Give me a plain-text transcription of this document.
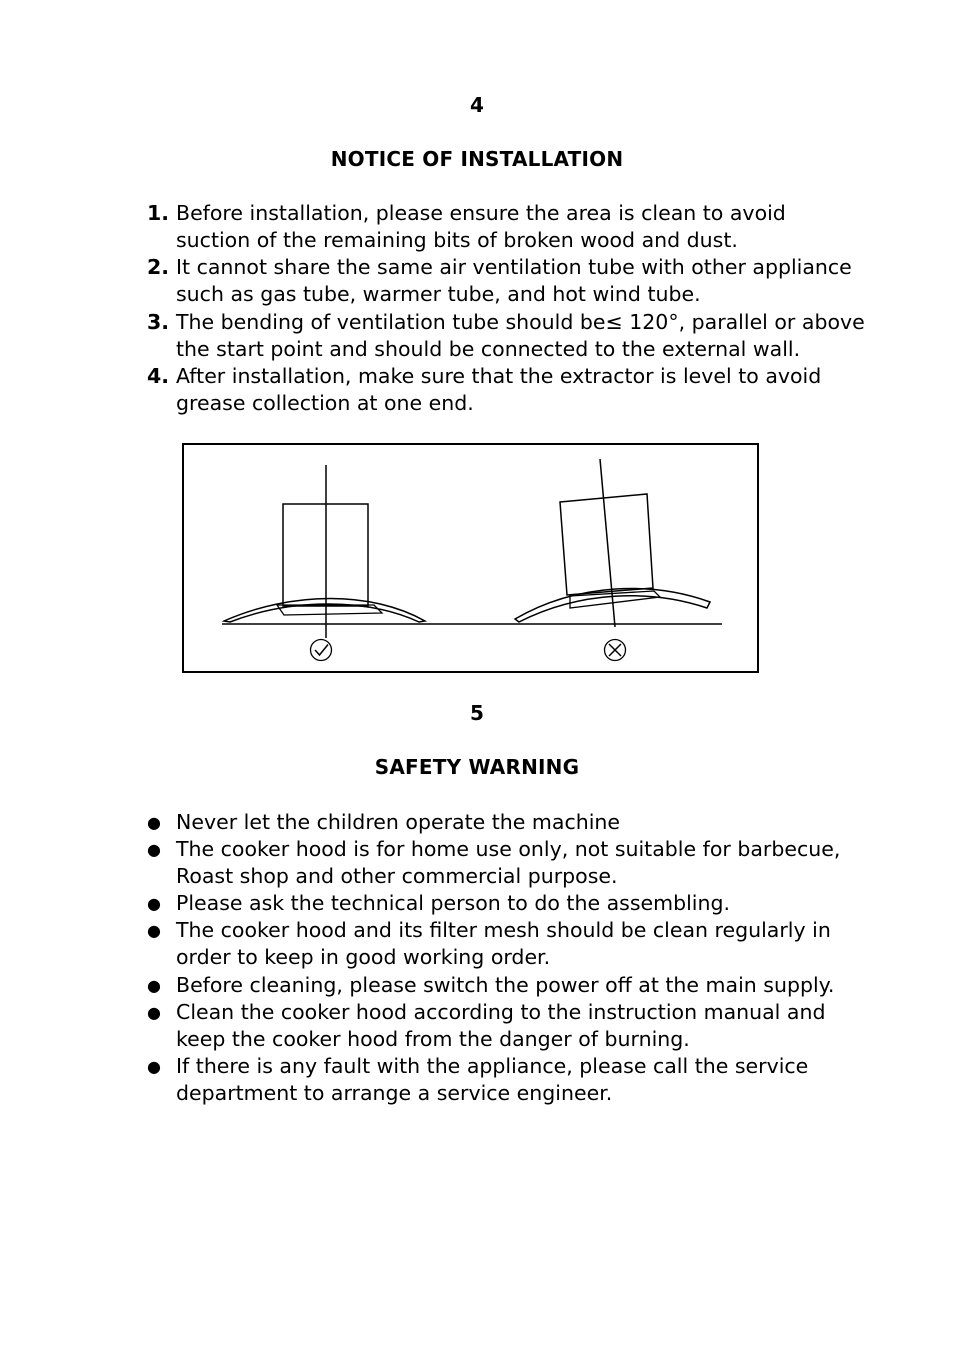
4
NOTICE OF INSTALLATION
1. Before installation, please ensure the area is clean to avoid
suction of the remaining bits of broken wood and dust.
2. It cannot share the same air ventilation tube with other appliance
such as gas tube, warmer tube, and hot wind tube.
3. The bending of ventilation tube should be≤ 120°, parallel or above
the start point and should be connected to the external wall.
4. After installation, make sure that the extractor is level to avoid
grease collection at one end.
5
SAFETY WARNING
● Never let the children operate the machine
● The cooker hood is for home use only, not suitable for barbecue,
Roast shop and other commercial purpose.
● Please ask the technical person to do the assembling.
● The cooker hood and its filter mesh should be clean regularly in
order to keep in good working order.
● Before cleaning, please switch the power off at the main supply.
● Clean the cooker hood according to the instruction manual and
keep the cooker hood from the danger of burning.
● If there is any fault with the appliance, please call the service
department to arrange a service engineer.
